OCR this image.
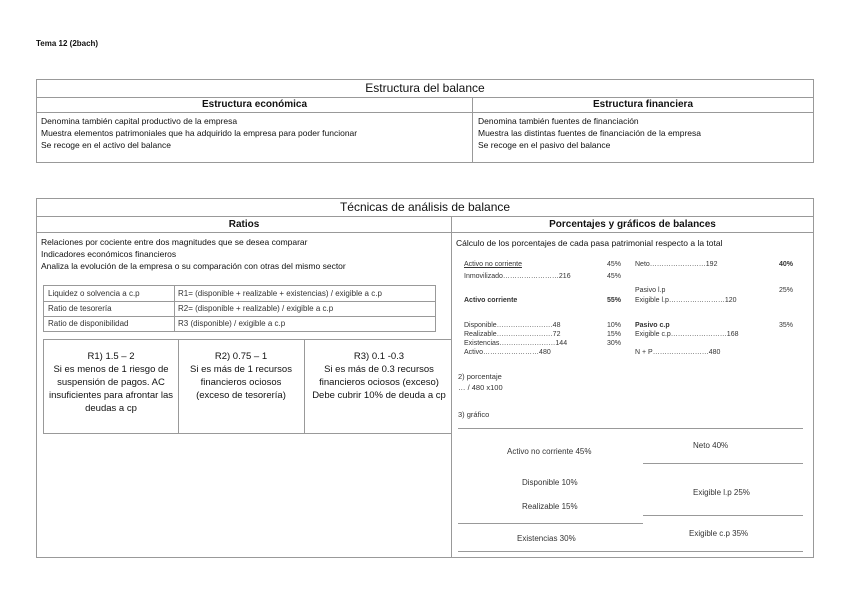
Tema 12 (2bach)
Estructura del balance
Estructura económica	Estructura financiera
Denomina también capital productivo de la empresa
Muestra elementos patrimoniales que ha adquirido la empresa para poder funcionar
Se recoge en el activo del balance
Denomina también fuentes de financiación
Muestra las distintas fuentes de financiación de la empresa
Se recoge en el pasivo del balance
Técnicas de análisis de balance
Ratios	Porcentajes y gráficos de balances
Relaciones por cociente entre dos magnitudes que se desea comparar
Indicadores económicos financieros
Analiza la evolución de la empresa o su comparación con otras del mismo sector
Liquidez o solvencia a c.p	R1= (disponible + realizable + existencias) / exigible a c.p
Ratio de tesorería	R2= (disponible + realizable) / exigible a c.p
Ratio de disponibilidad	R3 (disponible) / exigible a c.p
R1) 1.5 – 2
Si es menos de 1 riesgo de suspensión de pagos. AC insuficientes para afrontar las deudas a cp
R2) 0.75 – 1
Si es más de 1 recursos financieros ociosos (exceso de tesorería)
R3) 0.1 -0.3
Si es más de 0.3 recursos financieros ociosos (exceso) Debe cubrir 10% de deuda a cp
Cálculo de los porcentajes de cada pasa patrimonial respecto a la total
Activo no corriente	45%
Inmovilizado……………………216	45%
Activo corriente	55%
Disponible……………………48	10%
Realizable……………………72	15%
Existencias……………………144	30%
Activo……………………480
Neto……………………192	40%
Pasivo l.p	25%
Exigible l.p……………………120
Pasivo c.p	35%
Exigible c.p……………………168
N + P……………………480
2) porcentaje
… / 480 x100
3) gráfico
Activo no corriente 45%
Disponible 10%
Realizable 15%
Existencias 30%
Neto 40%
Exigible l.p 25%
Exigible c.p 35%
